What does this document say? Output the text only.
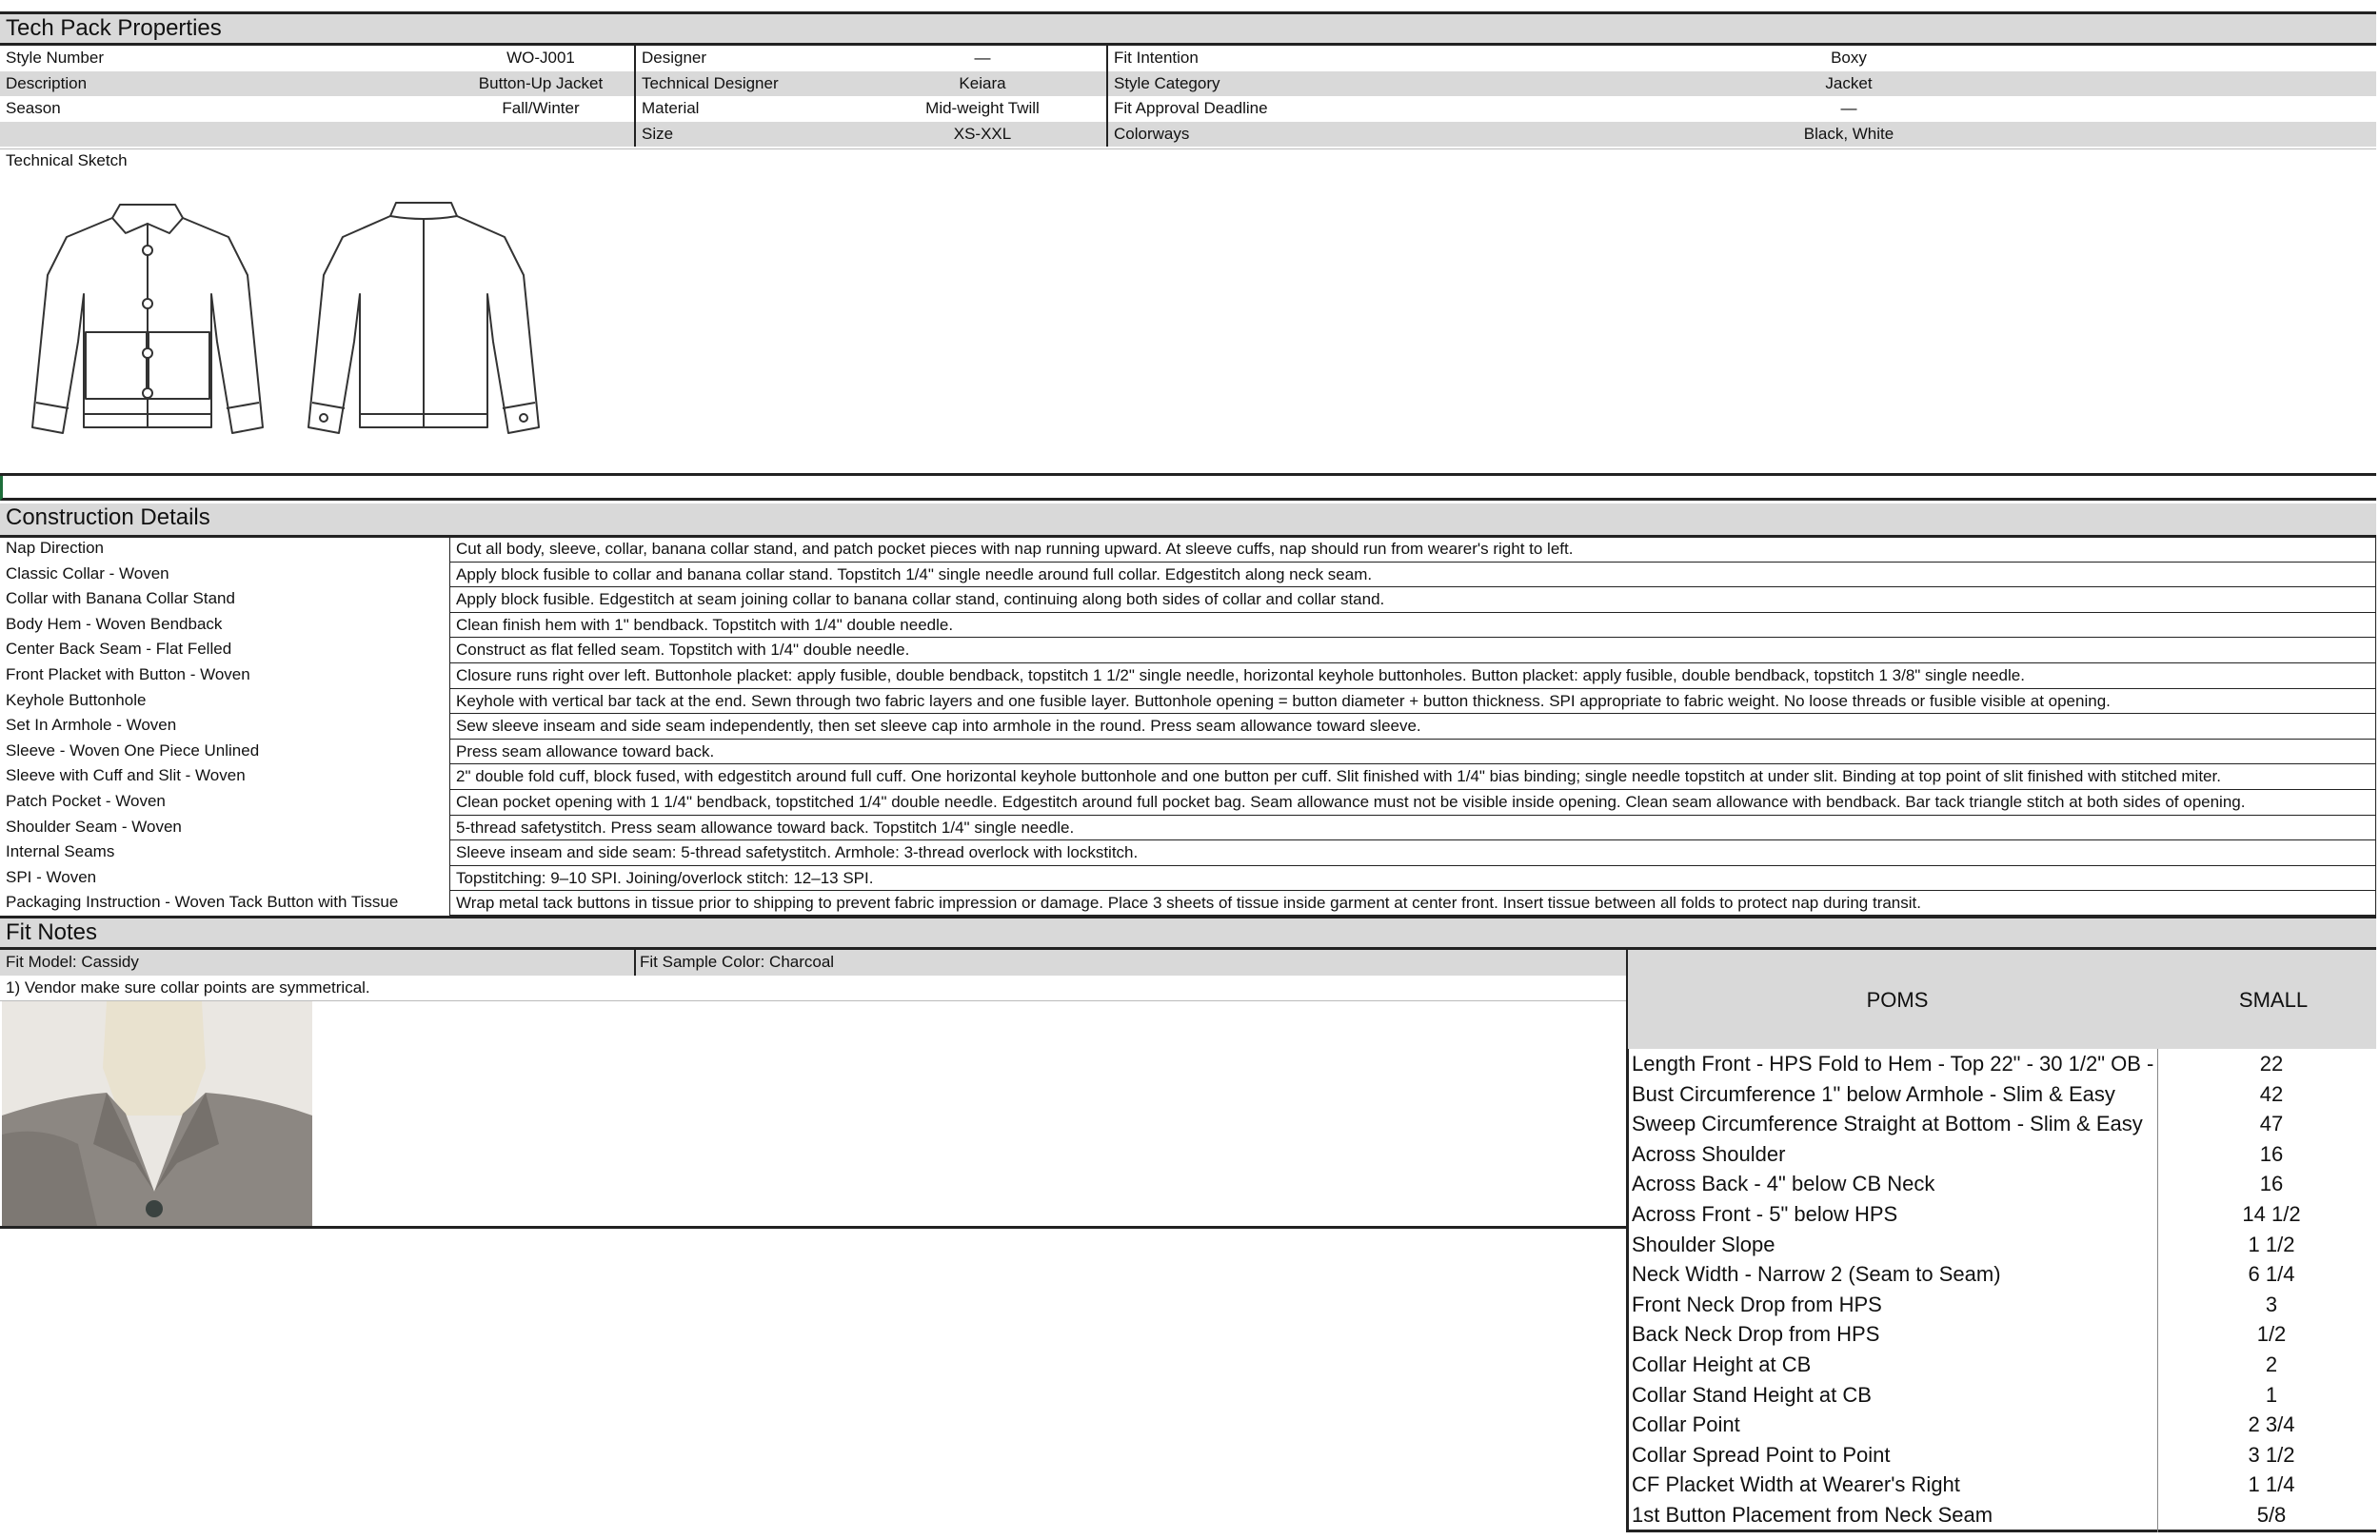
Tech Pack Properties
Style Number	WO-J001	Designer	—	Fit Intention	Boxy
Description	Button-Up Jacket	Technical Designer	Keiara	Style Category	Jacket
Season	Fall/Winter	Material	Mid-weight Twill	Fit Approval Deadline	—
Size	XS-XXL	Colorways	Black, White
Technical Sketch
Construction Details
Nap Direction	Cut all body, sleeve, collar, banana collar stand, and patch pocket pieces with nap running upward. At sleeve cuffs, nap should run from wearer's right to left.
Classic Collar - Woven	Apply block fusible to collar and banana collar stand. Topstitch 1/4" single needle around full collar. Edgestitch along neck seam.
Collar with Banana Collar Stand	Apply block fusible. Edgestitch at seam joining collar to banana collar stand, continuing along both sides of collar and collar stand.
Body Hem - Woven Bendback	Clean finish hem with 1" bendback. Topstitch with 1/4" double needle.
Center Back Seam - Flat Felled	Construct as flat felled seam. Topstitch with 1/4" double needle.
Front Placket with Button - Woven	Closure runs right over left. Buttonhole placket: apply fusible, double bendback, topstitch 1 1/2" single needle, horizontal keyhole buttonholes. Button placket: apply fusible, double bendback, topstitch 1 3/8" single needle.
Keyhole Buttonhole	Keyhole with vertical bar tack at the end. Sewn through two fabric layers and one fusible layer. Buttonhole opening = button diameter + button thickness. SPI appropriate to fabric weight. No loose threads or fusible visible at opening.
Set In Armhole - Woven	Sew sleeve inseam and side seam independently, then set sleeve cap into armhole in the round. Press seam allowance toward sleeve.
Sleeve - Woven One Piece Unlined	Press seam allowance toward back.
Sleeve with Cuff and Slit - Woven	2" double fold cuff, block fused, with edgestitch around full cuff. One horizontal keyhole buttonhole and one button per cuff. Slit finished with 1/4" bias binding; single needle topstitch at under slit. Binding at top point of slit finished with stitched miter.
Patch Pocket - Woven	Clean pocket opening with 1 1/4" bendback, topstitched 1/4" double needle. Edgestitch around full pocket bag. Seam allowance must not be visible inside opening. Clean seam allowance with bendback. Bar tack triangle stitch at both sides of opening.
Shoulder Seam - Woven	5-thread safetystitch. Press seam allowance toward back. Topstitch 1/4" single needle.
Internal Seams	Sleeve inseam and side seam: 5-thread safetystitch. Armhole: 3-thread overlock with lockstitch.
SPI - Woven	Topstitching: 9–10 SPI. Joining/overlock stitch: 12–13 SPI.
Packaging Instruction - Woven Tack Button with Tissue	Wrap metal tack buttons in tissue prior to shipping to prevent fabric impression or damage. Place 3 sheets of tissue inside garment at center front. Insert tissue between all folds to protect nap during transit.
Fit Notes
Fit Model: Cassidy	Fit Sample Color: Charcoal
1) Vendor make sure collar points are symmetrical.
POMS	SMALL
Length Front - HPS Fold to Hem - Top 22" - 30 1/2" OB -	22
Bust Circumference 1" below Armhole - Slim & Easy	42
Sweep Circumference Straight at Bottom - Slim & Easy	47
Across Shoulder	16
Across Back - 4" below CB Neck	16
Across Front - 5" below HPS	14 1/2
Shoulder Slope	1 1/2
Neck Width - Narrow 2 (Seam to Seam)	6 1/4
Front Neck Drop from HPS	3
Back Neck Drop from HPS	1/2
Collar Height at CB	2
Collar Stand Height at CB	1
Collar Point	2 3/4
Collar Spread Point to Point	3 1/2
CF Placket Width at Wearer's Right	1 1/4
1st Button Placement from Neck Seam	5/8
